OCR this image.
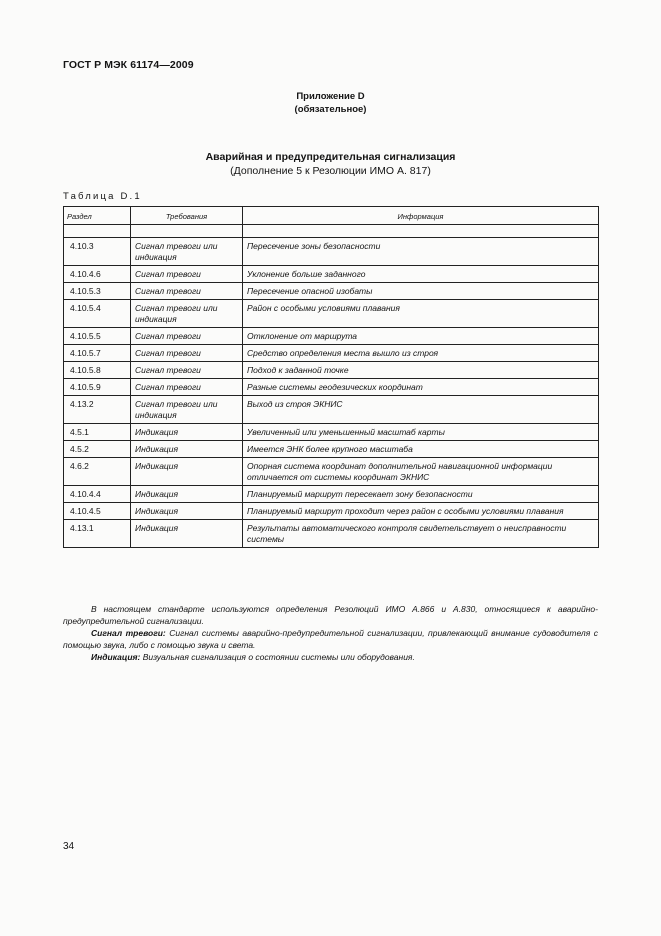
ГОСТ Р МЭК 61174—2009
Приложение D
(обязательное)
Аварийная и предупредительная сигнализация
(Дополнение 5 к Резолюции ИМО А. 817)
Таблица D.1
Раздел	Требования	Информация

4.10.3	Сигнал тревоги или индикация	Пересечение зоны безопасности
4.10.4.6	Сигнал тревоги	Уклонение больше заданного
4.10.5.3	Сигнал тревоги	Пересечение опасной изобаты
4.10.5.4	Сигнал тревоги или индикация	Район с особыми условиями плавания
4.10.5.5	Сигнал тревоги	Отклонение от маршрута
4.10.5.7	Сигнал тревоги	Средство определения места вышло из строя
4.10.5.8	Сигнал тревоги	Подход к заданной точке
4.10.5.9	Сигнал тревоги	Разные системы геодезических координат
4.13.2	Сигнал тревоги или индикация	Выход из строя ЭКНИС
4.5.1	Индикация	Увеличенный или уменьшенный масштаб карты
4.5.2	Индикация	Имеется ЭНК более крупного масштаба
4.6.2	Индикация	Опорная система координат дополнительной навигационной информации отличается от системы координат ЭКНИС
4.10.4.4	Индикация	Планируемый маршрут пересекает зону безопасности
4.10.4.5	Индикация	Планируемый маршрут проходит через район с особыми условиями плавания
4.13.1	Индикация	Результаты автоматического контроля свидетельствует о неисправности системы

В настоящем стандарте используются определения Резолюций ИМО A.866 и A.830, относящиеся к аварийно-предупредительной сигнализации.

Сигнал тревоги: Сигнал системы аварийно-предупредительной сигнализации, привлекающий внимание судоводителя с помощью звука, либо с помощью звука и света.

Индикация: Визуальная сигнализация о состоянии системы или оборудования.

34
